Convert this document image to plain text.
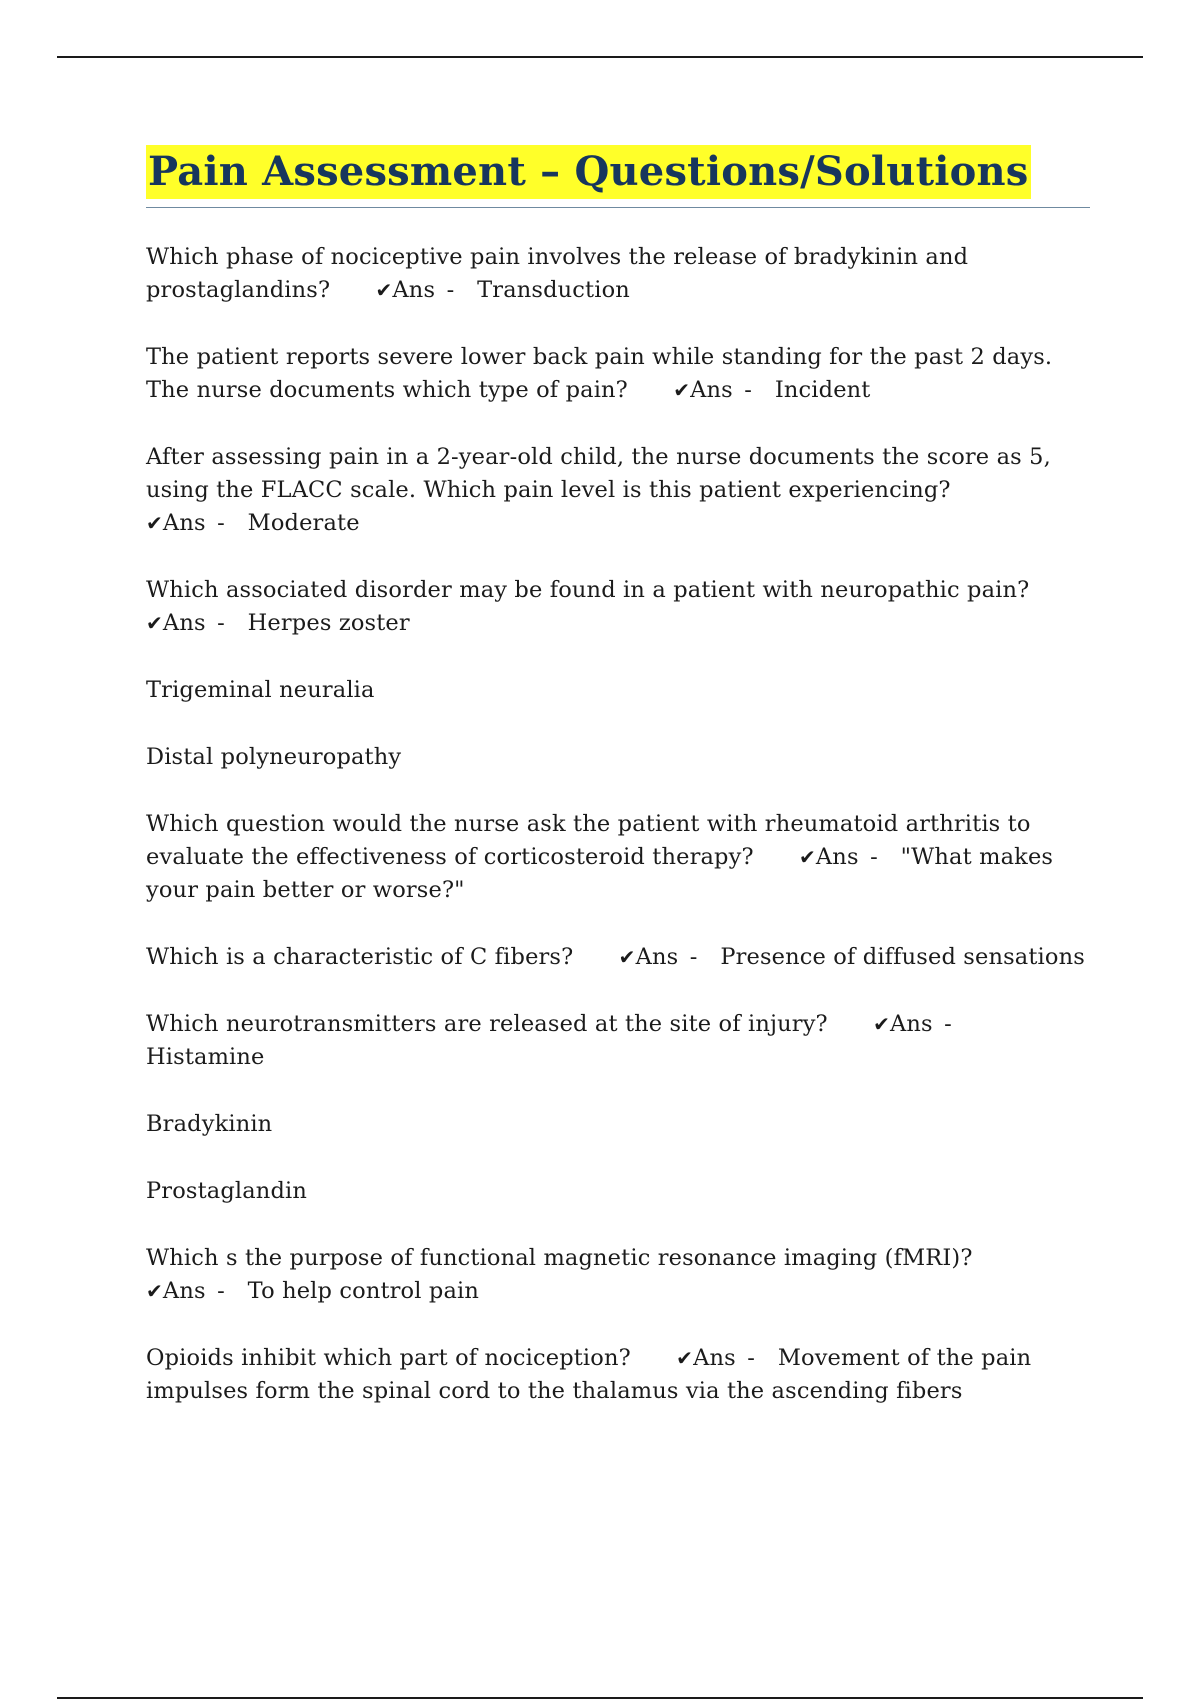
Pain Assessment – Questions/Solutions

Which phase of nociceptive pain involves the release of bradykinin and prostaglandins?   ✔Ans  -   Transduction

The patient reports severe lower back pain while standing for the past 2 days. The nurse documents which type of pain?   ✔Ans  -   Incident

After assessing pain in a 2-year-old child, the nurse documents the score as 5, using the FLACC scale. Which pain level is this patient experiencing?  ✔Ans  -   Moderate

Which associated disorder may be found in a patient with neuropathic pain?  ✔Ans  -   Herpes zoster

Trigeminal neuralia

Distal polyneuropathy

Which question would the nurse ask the patient with rheumatoid arthritis to evaluate the effectiveness of corticosteroid therapy?   ✔Ans  -   "What makes your pain better or worse?"

Which is a characteristic of C fibers?   ✔Ans  -   Presence of diffused sensations

Which neurotransmitters are released at the site of injury?   ✔Ans  -  Histamine

Bradykinin

Prostaglandin

Which s the purpose of functional magnetic resonance imaging (fMRI)?  ✔Ans  -   To help control pain

Opioids inhibit which part of nociception?   ✔Ans  -   Movement of the pain impulses form the spinal cord to the thalamus via the ascending fibers
